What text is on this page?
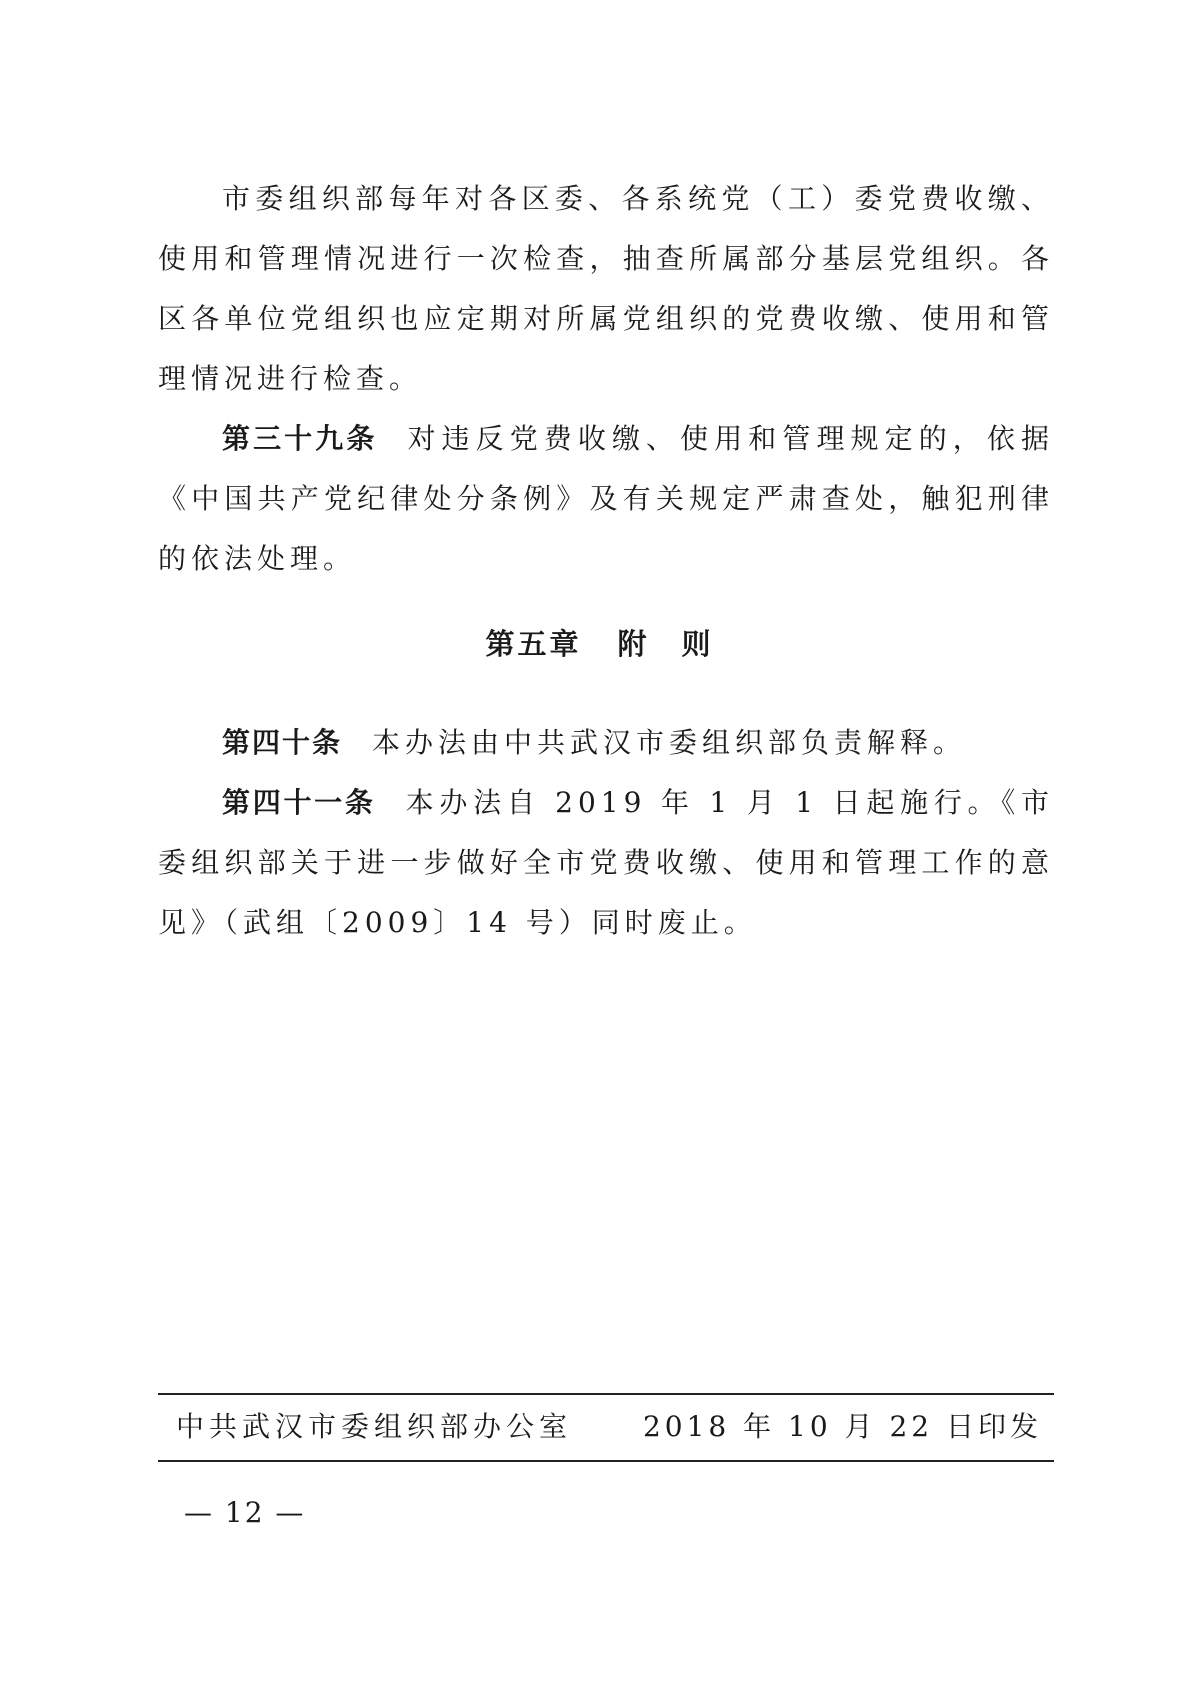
市委组织部每年对各区委、各系统党（工）委党费收缴、使用和管理情况进行一次检查，抽查所属部分基层党组织。各区各单位党组织也应定期对所属党组织的党费收缴、使用和管理情况进行检查。

第三十九条 对违反党费收缴、使用和管理规定的，依据《中国共产党纪律处分条例》及有关规定严肃查处，触犯刑律的依法处理。

第五章 附　则

第四十条 本办法由中共武汉市委组织部负责解释。

第四十一条 本办法自 2019 年 1 月 1 日起施行。《市委组织部关于进一步做好全市党费收缴、使用和管理工作的意见》（武组〔2009〕14 号）同时废止。

中共武汉市委组织部办公室	2018 年 10 月 22 日印发
— 12 —
